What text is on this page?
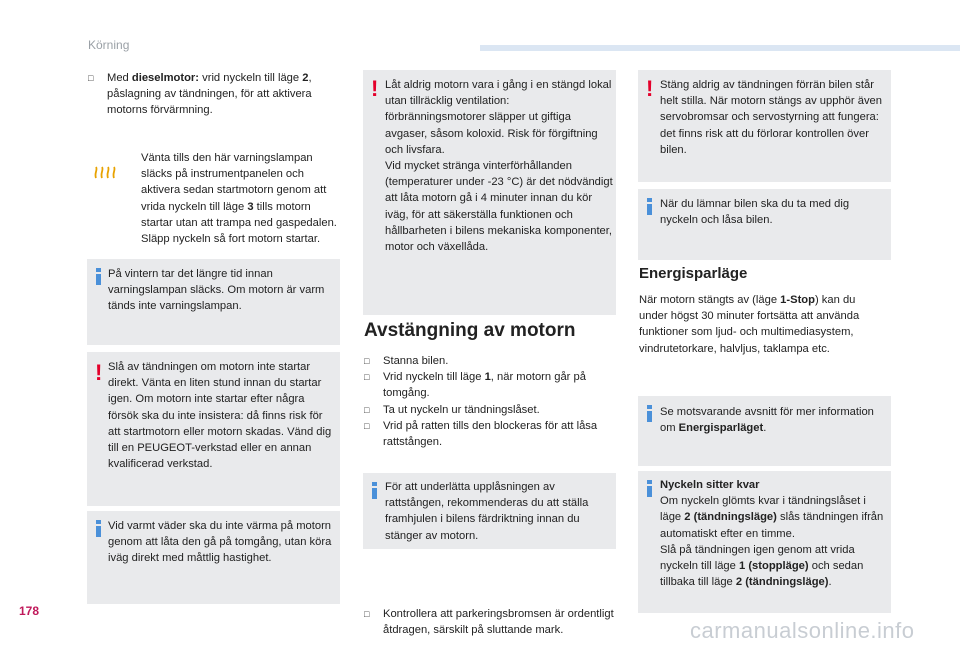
Körning
□ Med dieselmotor: vrid nyckeln till läge 2, påslagning av tändningen, för att aktivera motorns förvärmning.
Vänta tills den här varningslampan släcks på instrumentpanelen och aktivera sedan startmotorn genom att vrida nyckeln till läge 3 tills motorn startar utan att trampa ned gaspedalen. Släpp nyckeln så fort motorn startar.
På vintern tar det längre tid innan varningslampan släcks. Om motorn är varm tänds inte varningslampan.
! Slå av tändningen om motorn inte startar direkt. Vänta en liten stund innan du startar igen. Om motorn inte startar efter några försök ska du inte insistera: då finns risk för att startmotorn eller motorn skadas. Vänd dig till en PEUGEOT-verkstad eller en annan kvalificerad verkstad.
Vid varmt väder ska du inte värma på motorn genom att låta den gå på tomgång, utan köra iväg direkt med måttlig hastighet.
! Låt aldrig motorn vara i gång i en stängd lokal utan tillräcklig ventilation: förbränningsmotorer släpper ut giftiga avgaser, såsom koloxid. Risk för förgiftning och livsfara.
Vid mycket stränga vinterförhållanden (temperaturer under -23 °C) är det nödvändigt att låta motorn gå i 4 minuter innan du kör iväg, för att säkerställa funktionen och hållbarheten i bilens mekaniska komponenter, motor och växellåda.
Avstängning av motorn
□ Stanna bilen.
□ Vrid nyckeln till läge 1, när motorn går på tomgång.
□ Ta ut nyckeln ur tändningslåset.
□ Vrid på ratten tills den blockeras för att låsa rattstången.
För att underlätta upplåsningen av rattstången, rekommenderas du att ställa framhjulen i bilens färdriktning innan du stänger av motorn.
□ Kontrollera att parkeringsbromsen är ordentligt åtdragen, särskilt på sluttande mark.
! Stäng aldrig av tändningen förrän bilen står helt stilla. När motorn stängs av upphör även servobromsar och servostyrning att fungera: det finns risk att du förlorar kontrollen över bilen.
När du lämnar bilen ska du ta med dig nyckeln och låsa bilen.
Energisparläge
När motorn stängts av (läge 1-Stop) kan du under högst 30 minuter fortsätta att använda funktioner som ljud- och multimediasystem, vindrutetorkare, halvljus, taklampa etc.
Se motsvarande avsnitt för mer information om Energisparläget.
Nyckeln sitter kvar
Om nyckeln glömts kvar i tändningslåset i läge 2 (tändningsläge) slås tändningen ifrån automatiskt efter en timme.
Slå på tändningen igen genom att vrida nyckeln till läge 1 (stoppläge) och sedan tillbaka till läge 2 (tändningsläge).
178
carmanualsonline.info
